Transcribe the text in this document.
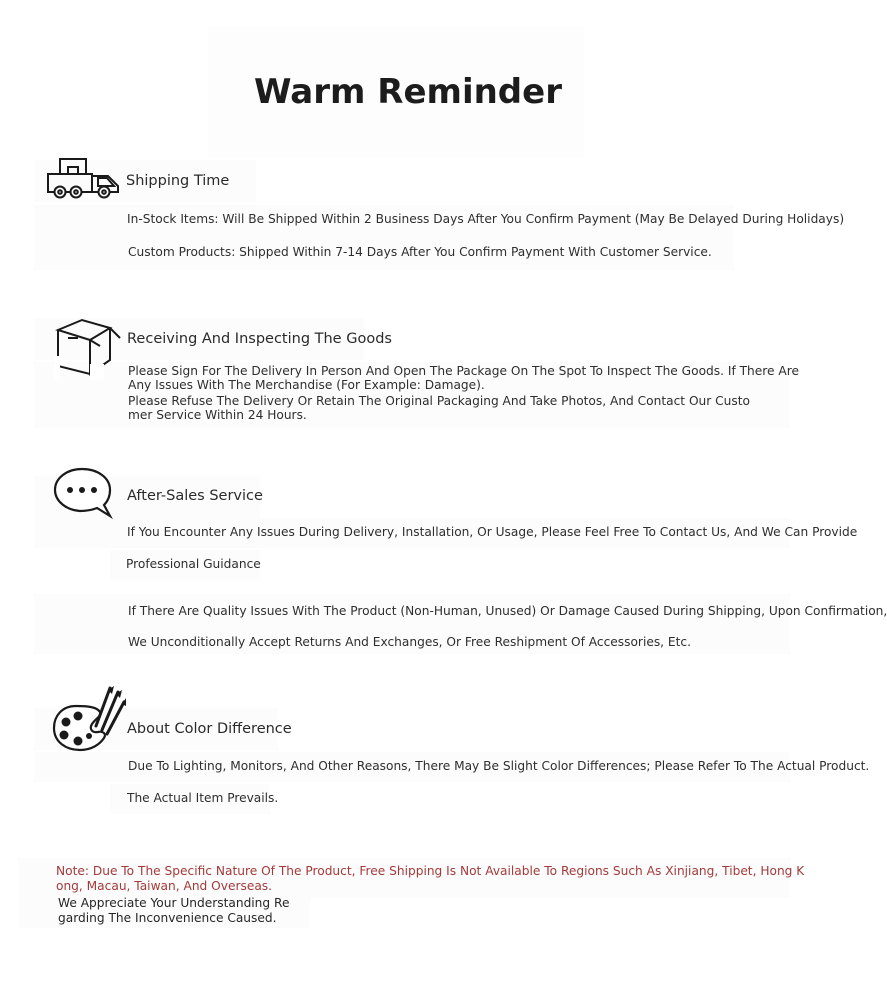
Warm Reminder
Shipping Time
In-Stock Items: Will Be Shipped Within 2 Business Days After You Confirm Payment (May Be Delayed During Holidays)
Custom Products: Shipped Within 7-14 Days After You Confirm Payment With Customer Service.
Receiving And Inspecting The Goods
Please Sign For The Delivery In Person And Open The Package On The Spot To Inspect The Goods. If There Are
Any Issues With The Merchandise (For Example: Damage).
Please Refuse The Delivery Or Retain The Original Packaging And Take Photos, And Contact Our Custo
mer Service Within 24 Hours.
After-Sales Service
If You Encounter Any Issues During Delivery, Installation, Or Usage, Please Feel Free To Contact Us, And We Can Provide
Professional Guidance
If There Are Quality Issues With The Product (Non-Human, Unused) Or Damage Caused During Shipping, Upon Confirmation,
We Unconditionally Accept Returns And Exchanges, Or Free Reshipment Of Accessories, Etc.
About Color Difference
Due To Lighting, Monitors, And Other Reasons, There May Be Slight Color Differences; Please Refer To The Actual Product.
The Actual Item Prevails.
Note: Due To The Specific Nature Of The Product, Free Shipping Is Not Available To Regions Such As Xinjiang, Tibet, Hong K
ong, Macau, Taiwan, And Overseas.
We Appreciate Your Understanding Re
garding The Inconvenience Caused.
